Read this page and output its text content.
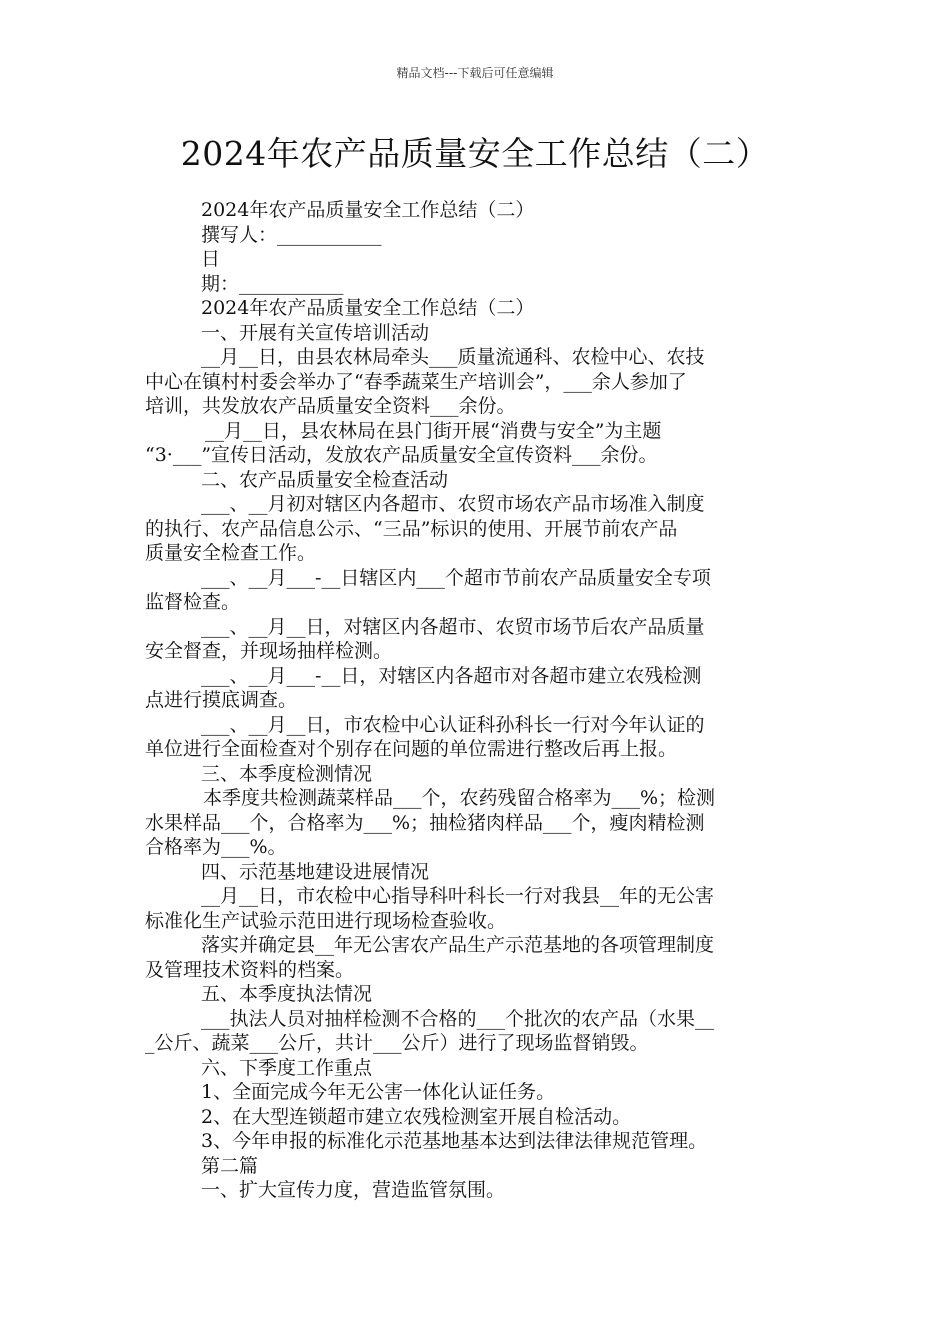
精品文档---下载后可任意编辑
2024年农产品质量安全工作总结（二）
2024年农产品质量安全工作总结（二）
撰写人：___________
日
期：___________
2024年农产品质量安全工作总结（二）
一、开展有关宣传培训活动
__月__日，由县农林局牵头___质量流通科、农检中心、农技
中心在镇村村委会举办了“春季蔬菜生产培训会”，___余人参加了
培训，共发放农产品质量安全资料___余份。
__月__日，县农林局在县门街开展“消费与安全”为主题
“3·___”宣传日活动，发放农产品质量安全宣传资料___余份。
二、农产品质量安全检查活动
___、__月初对辖区内各超市、农贸市场农产品市场准入制度
的执行、农产品信息公示、“三品”标识的使用、开展节前农产品
质量安全检查工作。
___、__月___-__日辖区内___个超市节前农产品质量安全专项
监督检查。
___、__月__日，对辖区内各超市、农贸市场节后农产品质量
安全督查，并现场抽样检测。
___、__月___-__日，对辖区内各超市对各超市建立农残检测
点进行摸底调查。
___、__月__日，市农检中心认证科孙科长一行对今年认证的
单位进行全面检查对个别存在问题的单位需进行整改后再上报。
三、本季度检测情况
本季度共检测蔬菜样品___个，农药残留合格率为___%；检测
水果样品___个，合格率为___%；抽检猪肉样品___个，瘦肉精检测
合格率为___%。
四、示范基地建设进展情况
__月__日，市农检中心指导科叶科长一行对我县__年的无公害
标准化生产试验示范田进行现场检查验收。
落实并确定县__年无公害农产品生产示范基地的各项管理制度
及管理技术资料的档案。
五、本季度执法情况
___执法人员对抽样检测不合格的___个批次的农产品（水果__
_公斤、蔬菜___公斤，共计___公斤）进行了现场监督销毁。
六、下季度工作重点
1、全面完成今年无公害一体化认证任务。
2、在大型连锁超市建立农残检测室开展自检活动。
3、今年申报的标准化示范基地基本达到法律法律规范管理。
第二篇
一、扩大宣传力度，营造监管氛围。
